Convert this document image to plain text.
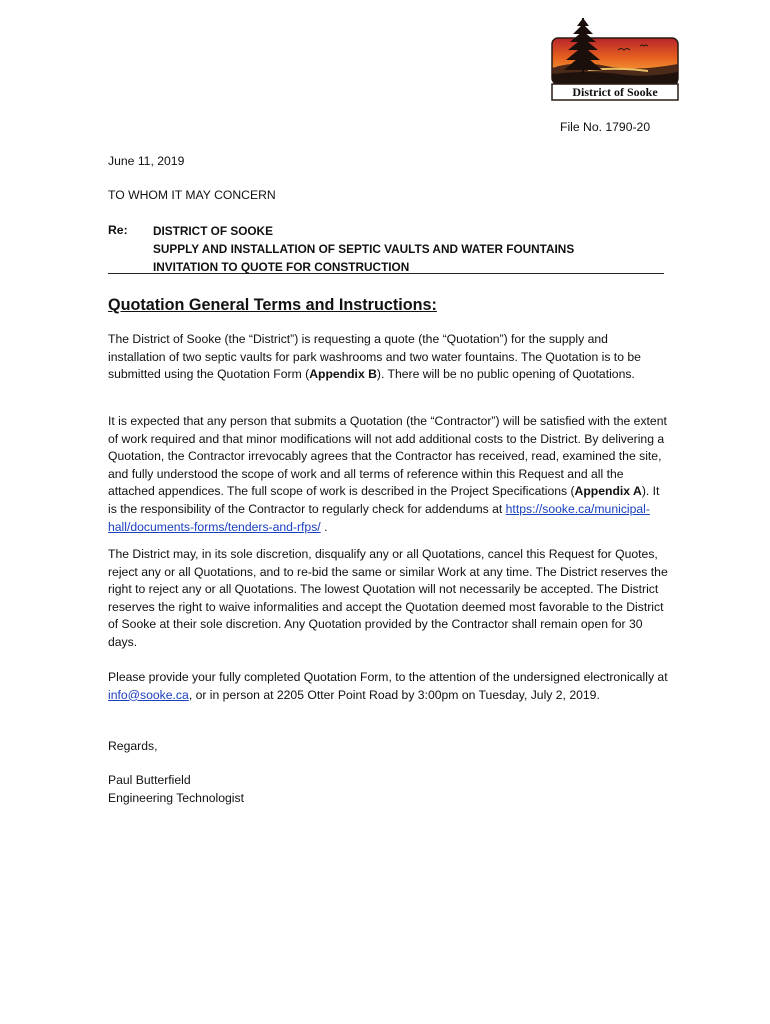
District of Sooke
File No. 1790-20
June 11, 2019
TO WHOM IT MAY CONCERN
Re: DISTRICT OF SOOKE
SUPPLY AND INSTALLATION OF SEPTIC VAULTS AND WATER FOUNTAINS
INVITATION TO QUOTE FOR CONSTRUCTION
Quotation General Terms and Instructions:
The District of Sooke (the “District”) is requesting a quote (the “Quotation”) for the supply and installation of two septic vaults for park washrooms and two water fountains. The Quotation is to be submitted using the Quotation Form (Appendix B). There will be no public opening of Quotations.
It is expected that any person that submits a Quotation (the “Contractor”) will be satisfied with the extent of work required and that minor modifications will not add additional costs to the District. By delivering a Quotation, the Contractor irrevocably agrees that the Contractor has received, read, examined the site, and fully understood the scope of work and all terms of reference within this Request and all the attached appendices. The full scope of work is described in the Project Specifications (Appendix A). It is the responsibility of the Contractor to regularly check for addendums at https://sooke.ca/municipal-hall/documents-forms/tenders-and-rfps/ .
The District may, in its sole discretion, disqualify any or all Quotations, cancel this Request for Quotes, reject any or all Quotations, and to re-bid the same or similar Work at any time. The District reserves the right to reject any or all Quotations. The lowest Quotation will not necessarily be accepted. The District reserves the right to waive informalities and accept the Quotation deemed most favorable to the District of Sooke at their sole discretion. Any Quotation provided by the Contractor shall remain open for 30 days.
Please provide your fully completed Quotation Form, to the attention of the undersigned electronically at info@sooke.ca, or in person at 2205 Otter Point Road by 3:00pm on Tuesday, July 2, 2019.
Regards,
Paul Butterfield
Engineering Technologist
